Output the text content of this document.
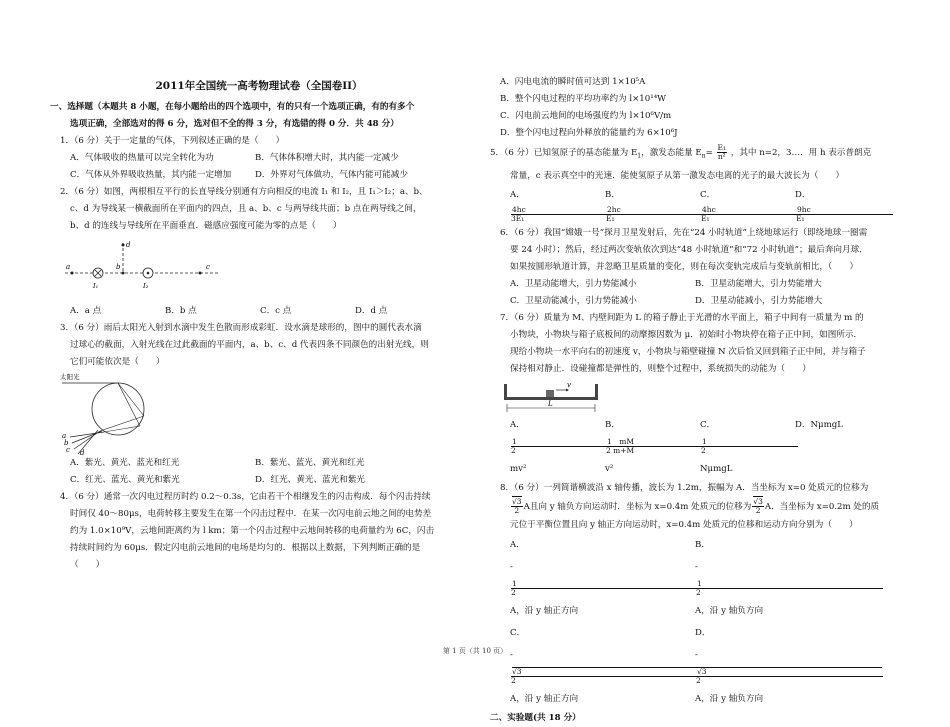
2011年全国统一高考物理试卷（全国卷II）
一、选择题（本题共 8 小题，在每小题给出的四个选项中，有的只有一个选项正确，有的有多个
选项正确，全部选对的得 6 分，选对但不全的得 3 分，有选错的得 0 分．共 48 分）
1．（6 分）关于一定量的气体，下列叙述正确的是（　　）
A．气体吸收的热量可以完全转化为功	B．气体体积增大时，其内能一定减少
C．气体从外界吸收热量，其内能一定增加	D．外界对气体做功，气体内能可能减少
2．（6 分）如图，两根相互平行的长直导线分别通有方向相反的电流 I₁ 和 I₂，且 I₁＞I₂；a、b、
c、d 为导线某一横截面所在平面内的四点，且 a、b、c 与两导线共面；b 点在两导线之间，
b、d 的连线与导线所在平面垂直．磁感应强度可能为零的点是（　　）
a	b	c
d
I₁	I₂
A．a 点	B．b 点	C．c 点	D．d 点
3．（6 分）雨后太阳光入射到水滴中发生色散而形成彩虹．设水滴是球形的，图中的圆代表水滴
过球心的截面，入射光线在过此截面的平面内，a、b、c、d 代表四条不同颜色的出射光线，则
它们可能依次是（　　）
太阳光
a
b
c d
A．紫光、黄光、蓝光和红光	B．紫光、蓝光、黄光和红光
C．红光、蓝光、黄光和紫光	D．红光、黄光、蓝光和紫光
4．（6 分）通常一次闪电过程历时约 0.2～0.3s，它由若干个相继发生的闪击构成．每个闪击持续
时间仅 40～80μs，电荷转移主要发生在第一个闪击过程中．在某一次闪电前云地之间的电势差
约为 1.0×10⁹V，云地间距离约为 l km；第一个闪击过程中云地间转移的电荷量约为 6C，闪击
持续时间约为 60μs．假定闪电前云地间的电场是均匀的．根据以上数据，下列判断正确的是
（　　）
A．闪电电流的瞬时值可达到 1×10⁵A
B．整个闪电过程的平均功率约为 l×10¹⁴W
C．闪电前云地间的电场强度约为 l×10⁶V/m
D．整个闪电过程向外释放的能量约为 6×10⁶J
5．（6 分）已知氢原子的基态能量为 $E_1$，激发态能量 $E_n= \frac{\text{E₁}}{\text{n²}}$ ，其中 n=2，3…．用 h 表示普朗克
常量，c 表示真空中的光速．能使氢原子从第一激发态电离的光子的最大波长为（　　）
A．$\frac{4hc}{\text{3E₁}}$
B．$\frac{2hc}{\text{E₁}}$
C．$\frac{4hc}{\text{E₁}}$
D．$\frac{9hc}{\text{E₁}}$
6．（6 分）我国“嫦娥一号”探月卫星发射后，先在“24 小时轨道”上绕地球运行（即绕地球一圈需
要 24 小时）；然后，经过两次变轨依次到达“48 小时轨道”和“72 小时轨道”；最后奔向月球．
如果按圆形轨道计算，并忽略卫星质量的变化，则在每次变轨完成后与变轨前相比，（　　）
A．卫星动能增大，引力势能减小	B．卫星动能增大，引力势能增大
C．卫星动能减小，引力势能减小	D．卫星动能减小，引力势能增大
7．（6 分）质量为 M、内壁间距为 L 的箱子静止于光滑的水平面上，箱子中间有一质量为 m 的
小物块，小物块与箱子底板间的动摩擦因数为 μ．初始时小物块停在箱子正中间，如图所示．
现给小物块一水平向右的初速度 v，小物块与箱壁碰撞 N 次后恰又回到箱子正中间，并与箱子
保持相对静止．设碰撞都是弹性的，则整个过程中，系统损失的动能为（　　）
v
L
A．$\frac{1}{2}mv^2$
B．$\frac{1 mM}{2 m+M}v^2$
C．$\frac{1}{2}N\mu mgL$
D．NμmgL
8．（6 分）一列简谐横波沿 x 轴传播，波长为 1.2m，振幅为 A．当坐标为 x=0 处质元的位移为
$\frac{√3}{2}$ A且向 y 轴负方向运动时．坐标为 x=0.4m 处质元的位移为 $\frac{√3}{2}$ A．当坐标为 x=0.2m 处的质
元位于平衡位置且向 y 轴正方向运动时，x=0.4m 处质元的位移和运动方向分别为（　　）
A．$-\frac{1}{2}A$，沿 y 轴正方向
B．$-\frac{1}{2}A$，沿 y 轴负方向
C．$-\frac{√3}{2}A$，沿 y 轴正方向
D．$-\frac{√3}{2}A$，沿 y 轴负方向
二、实验题(共 18 分）
第 1 页（共 10 页）
